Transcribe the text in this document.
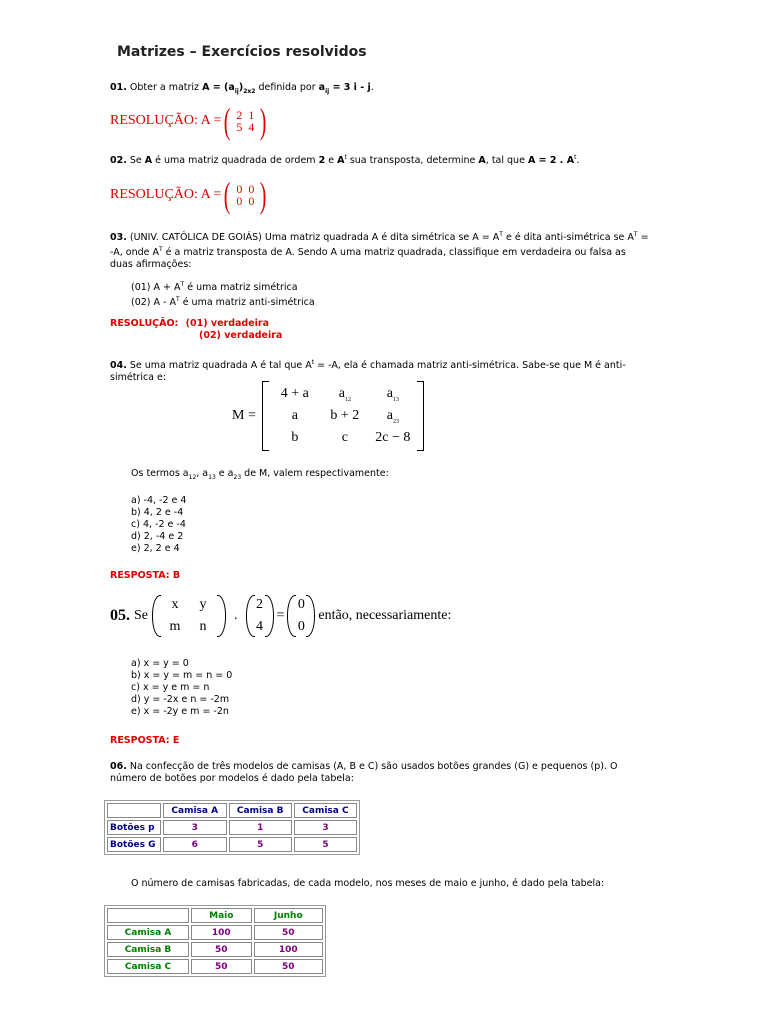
Matrizes – Exercícios resolvidos
01. Obter a matriz $A = (a_{ij})_{2x2}$ definida por $a_{ij} = 3$ i - j.
RESOLUÇÃO: A = ( 2 1
5 4 )
02. Se A é uma matriz quadrada de ordem 2 e $A^t$ sua transposta, determine A, tal que A = 2 . $A^t$.
RESOLUÇÃO: A = ( 0 0
0 0 )
03. (UNIV. CATÓLICA DE GOIÁS) Uma matriz quadrada A é dita simétrica se $A = A^T$ e é dita anti-simétrica se $A^T = -A$, onde $A^T$ é a matriz transposta de A. Sendo A uma matriz quadrada, classifique em verdadeira ou falsa as duas afirmações:
(01) $A + A^T$ é uma matriz simétrica
(02) A - $A^T$ é uma matriz anti-simétrica
RESOLUÇÃO: (01) verdadeira
(02) verdadeira
04. Se uma matriz quadrada A é tal que $A^t = -A$, ela é chamada matriz anti-simétrica. Sabe-se que M é anti-simétrica e:
M =
4 + a	$a_{12}$	$a_{13}$
a	b + 2	$a_{23}$
b	c	2c − 8
Os termos $a_{12}$, $a_{13}$ e $a_{23}$ de M, valem respectivamente:
a) -4, -2 e 4
b) 4, 2 e -4
c) 4, -2 e -4
d) 2, -4 e 2
e) 2, 2 e 4
RESPOSTA: B
05. Se
x	y
m	n
.
2
4
=
0
0
então, necessariamente:
a) x = y = 0
b) x = y = m = n = 0
c) x = y e m = n
d) y = -2x e n = -2m
e) x = -2y e m = -2n
RESPOSTA: E
06. Na confecção de três modelos de camisas (A, B e C) são usados botões grandes (G) e pequenos (p). O número de botões por modelos é dado pela tabela:
	Camisa A	Camisa B	Camisa C
Botões p	3	1	3
Botões G	6	5	5
O número de camisas fabricadas, de cada modelo, nos meses de maio e junho, é dado pela tabela:
	Maio	Junho
Camisa A	100	50
Camisa B	50	100
Camisa C	50	50
